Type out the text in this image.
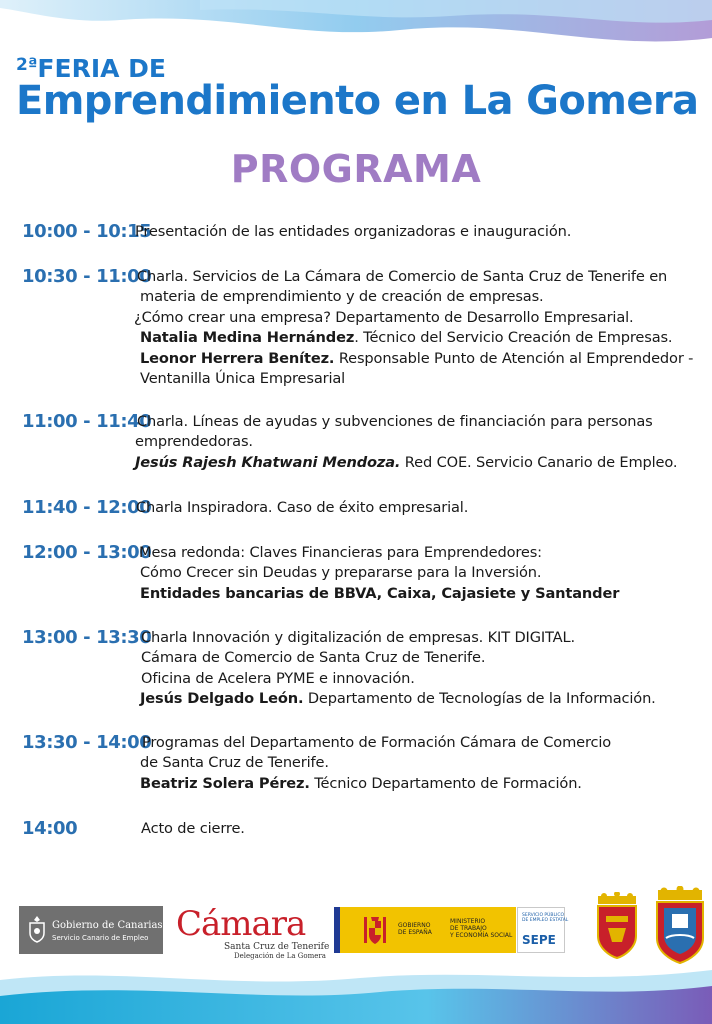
$^{2ª}$FERIA DE
Emprendimiento en La Gomera
PROGRAMA
10:00 - 10:15
Presentación de las entidades organizadoras e inauguración.
10:30 - 11:00
Charla. Servicios de La Cámara de Comercio de Santa Cruz de Tenerife en
materia de emprendimiento y de creación de empresas.
¿Cómo crear una empresa? Departamento de Desarrollo Empresarial.
Natalia Medina Hernández. Técnico del Servicio Creación de Empresas.
Leonor Herrera Benítez. Responsable Punto de Atención al Emprendedor -
Ventanilla Única Empresarial
11:00 - 11:40
Charla. Líneas de ayudas y subvenciones de financiación para personas
emprendedoras.
Jesús Rajesh Khatwani Mendoza. Red COE. Servicio Canario de Empleo.
11:40 - 12:00
Charla Inspiradora. Caso de éxito empresarial.
12:00 - 13:00
Mesa redonda: Claves Financieras para Emprendedores:
Cómo Crecer sin Deudas y prepararse para la Inversión.
Entidades bancarias de BBVA, Caixa, Cajasiete y Santander
13:00 - 13:30
Charla Innovación y digitalización de empresas. KIT DIGITAL.
Cámara de Comercio de Santa Cruz de Tenerife.
Oficina de Acelera PYME e innovación.
Jesús Delgado León. Departamento de Tecnologías de la Información.
13:30 - 14:00
Programas del Departamento de Formación Cámara de Comercio
de Santa Cruz de Tenerife.
Beatriz Solera Pérez. Técnico Departamento de Formación.
14:00	Acto de cierre.
Gobierno de Canarias
Servicio Canario de Empleo Cámara
Santa Cruz de Tenerife
Delegación de La Gomera
GOBIERNO
DE ESPAÑA
MINISTERIO
DE TRABAJO
Y ECONOMÍA SOCIAL
SERVICIO PÚBLICO
DE EMPLEO ESTATAL
SEPE
